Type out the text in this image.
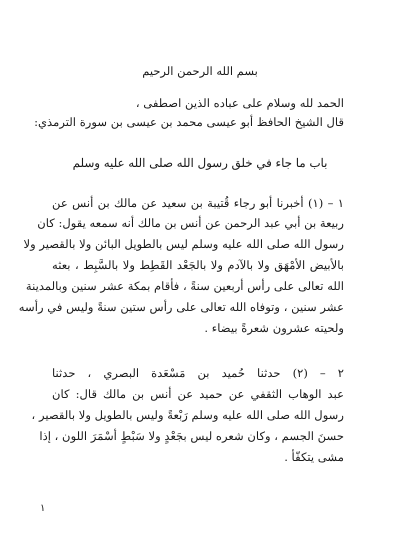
بسم الله الرحمن الرحيم
الحمد لله وسلام على عباده الذين اصطفى ،
قال الشيخ الحافظ أبو عيسى محمد بن عيسى بن سورة الترمذي:
باب ما جاء في خلق رسول الله صلى الله عليه وسلم
١ – (١) أخبرنا أبو رجاء قُتيبة بن سعيد عن مالك بن أنس عن
ربيعة بن أبي عبد الرحمن عن أنس بن مالك أنه سمعه يقول: كان
رسول الله صلى الله عليه وسلم ليس بالطويل البائن ولا بالقصير ولا
بالأبيض الأمْهَق ولا بالآدم ولا بالجَعْد القَطِط ولا بالسَّبِط ، بعثه
الله تعالى على رأس أربعين سنةً ، فأقام بمكة عشر سنين وبالمدينة
عشر سنين ، وتوفاه الله تعالى على رأس ستين سنةً وليس في رأسه
ولحيته عشرون شعرةً بيضاء .
٢ – (٢) حدثنا حُميد بن مَسْعَدة البصري ، حدثنا
عبد الوهاب الثقفي عن حميد عن أنس بن مالك قال: كان
رسول الله صلى الله عليه وسلم رَبْعةً وليس بالطويل ولا بالقصير ،
حسنَ الجسم ، وكان شعره ليس بجَعْدٍ ولا سَبْطٍ أسْمَرَ اللون ، إذا
مشى يتكفّأ .
١
